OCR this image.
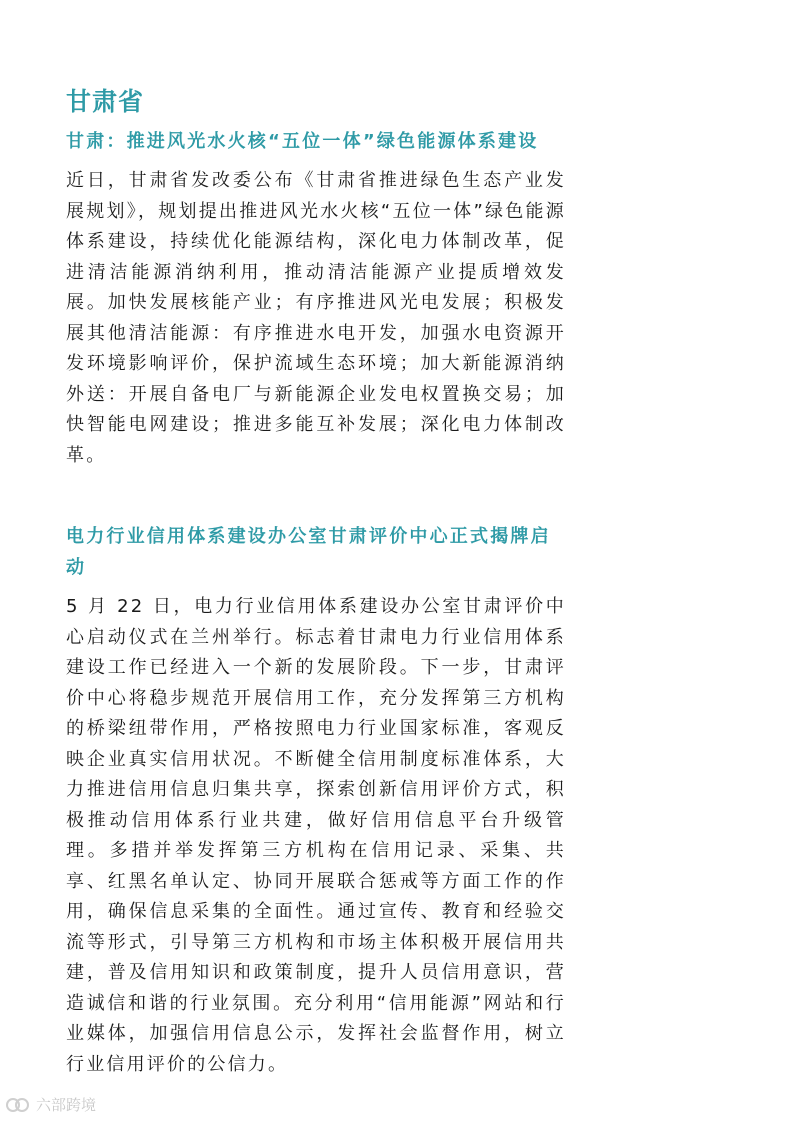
甘肃省
甘肃：推进风光水火核“五位一体”绿色能源体系建设

近日，甘肃省发改委公布《甘肃省推进绿色生态产业发展规划》，规划提出推进风光水火核“五位一体”绿色能源体系建设，持续优化能源结构，深化电力体制改革，促进清洁能源消纳利用，推动清洁能源产业提质增效发展。加快发展核能产业；有序推进风光电发展；积极发展其他清洁能源：有序推进水电开发，加强水电资源开发环境影响评价，保护流域生态环境；加大新能源消纳外送：开展自备电厂与新能源企业发电权置换交易；加快智能电网建设；推进多能互补发展；深化电力体制改革。

电力行业信用体系建设办公室甘肃评价中心正式揭牌启动

5 月 22 日，电力行业信用体系建设办公室甘肃评价中心启动仪式在兰州举行。标志着甘肃电力行业信用体系建设工作已经进入一个新的发展阶段。下一步，甘肃评价中心将稳步规范开展信用工作，充分发挥第三方机构的桥梁纽带作用，严格按照电力行业国家标准，客观反映企业真实信用状况。不断健全信用制度标准体系，大力推进信用信息归集共享，探索创新信用评价方式，积极推动信用体系行业共建，做好信用信息平台升级管理。多措并举发挥第三方机构在信用记录、采集、共享、红黑名单认定、协同开展联合惩戒等方面工作的作用，确保信息采集的全面性。通过宣传、教育和经验交流等形式，引导第三方机构和市场主体积极开展信用共建，普及信用知识和政策制度，提升人员信用意识，营造诚信和谐的行业氛围。充分利用“信用能源”网站和行业媒体，加强信用信息公示，发挥社会监督作用，树立行业信用评价的公信力。

六部跨境
